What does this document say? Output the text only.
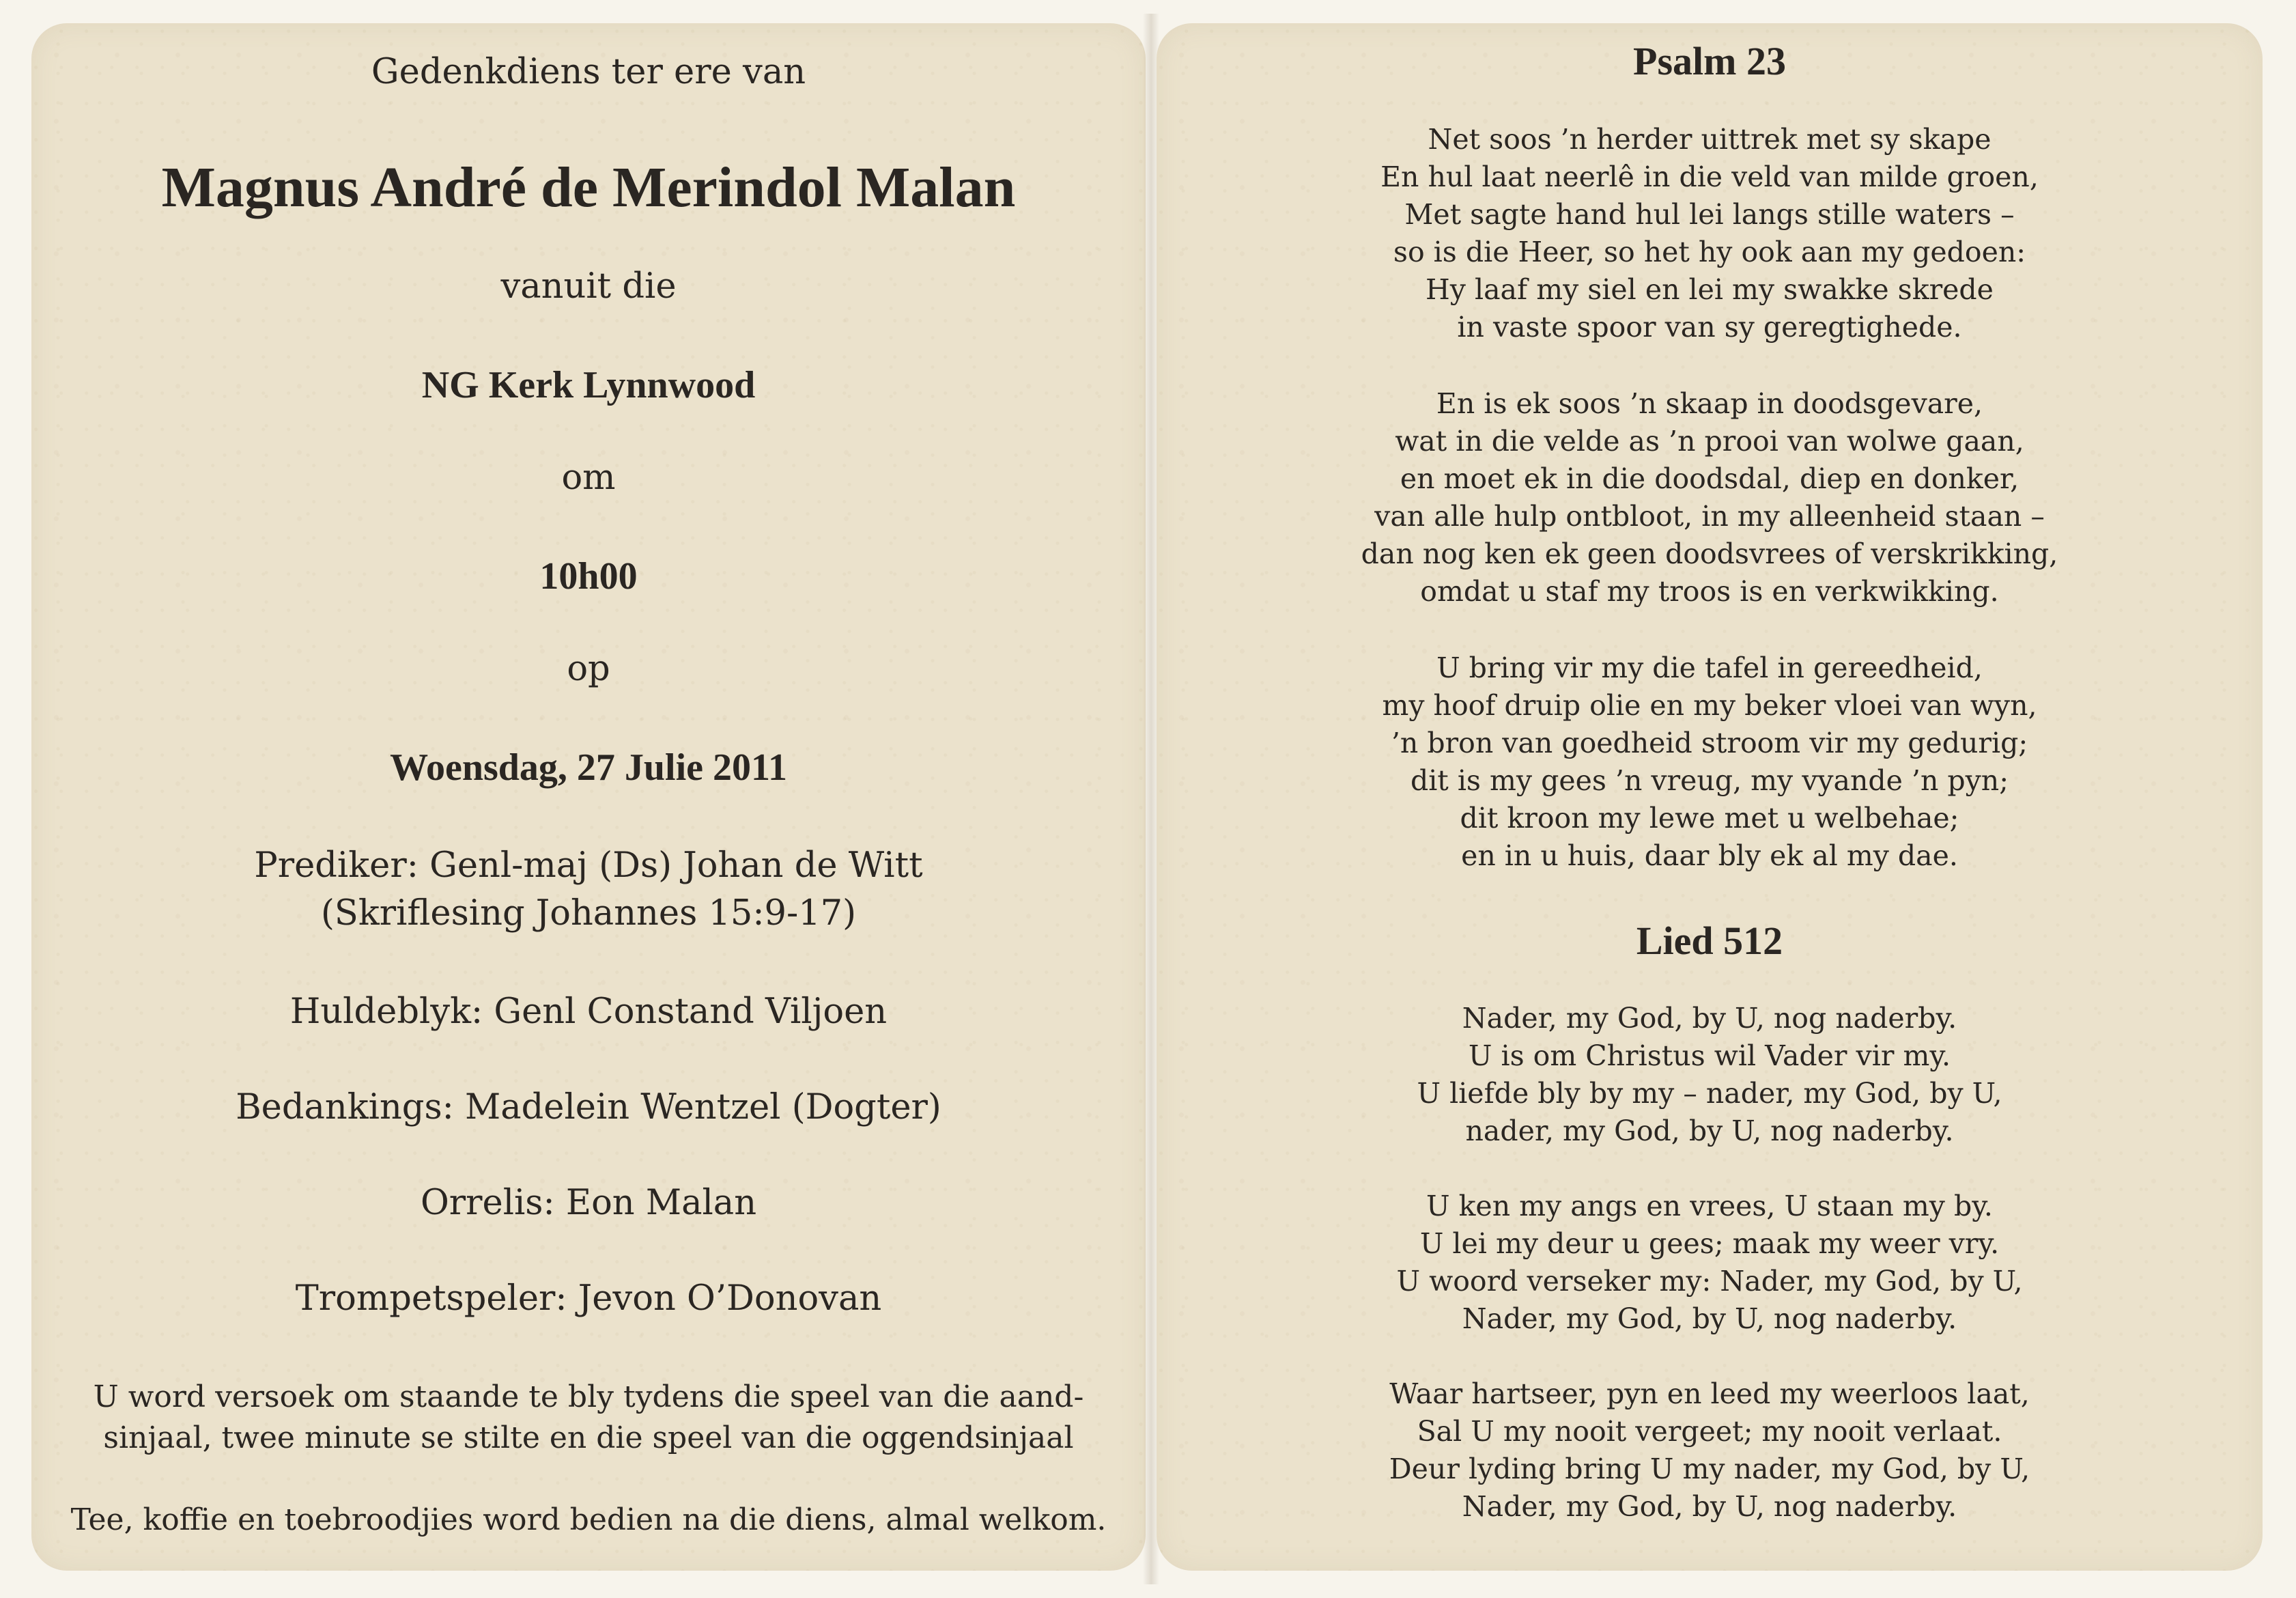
Gedenkdiens ter ere van
Magnus André de Merindol Malan
vanuit die
NG Kerk Lynnwood
om
10h00
op
Woensdag, 27 Julie 2011
Prediker: Genl-maj (Ds) Johan de Witt
(Skriflesing Johannes 15:9-17)
Huldeblyk: Genl Constand Viljoen
Bedankings: Madelein Wentzel (Dogter)
Orrelis: Eon Malan
Trompetspeler: Jevon O’Donovan
U word versoek om staande te bly tydens die speel van die aand-
sinjaal, twee minute se stilte en die speel van die oggendsinjaal
Tee, koffie en toebroodjies word bedien na die diens, almal welkom.
Psalm 23
Net soos ’n herder uittrek met sy skape
En hul laat neerlê in die veld van milde groen,
Met sagte hand hul lei langs stille waters –
so is die Heer, so het hy ook aan my gedoen:
Hy laaf my siel en lei my swakke skrede
in vaste spoor van sy geregtighede.
En is ek soos ’n skaap in doodsgevare,
wat in die velde as ’n prooi van wolwe gaan,
en moet ek in die doodsdal, diep en donker,
van alle hulp ontbloot, in my alleenheid staan –
dan nog ken ek geen doodsvrees of verskrikking,
omdat u staf my troos is en verkwikking.
U bring vir my die tafel in gereedheid,
my hoof druip olie en my beker vloei van wyn,
’n bron van goedheid stroom vir my gedurig;
dit is my gees ’n vreug, my vyande ’n pyn;
dit kroon my lewe met u welbehae;
en in u huis, daar bly ek al my dae.
Lied 512
Nader, my God, by U, nog naderby.
U is om Christus wil Vader vir my.
U liefde bly by my – nader, my God, by U,
nader, my God, by U, nog naderby.
U ken my angs en vrees, U staan my by.
U lei my deur u gees; maak my weer vry.
U woord verseker my: Nader, my God, by U,
Nader, my God, by U, nog naderby.
Waar hartseer, pyn en leed my weerloos laat,
Sal U my nooit vergeet; my nooit verlaat.
Deur lyding bring U my nader, my God, by U,
Nader, my God, by U, nog naderby.
